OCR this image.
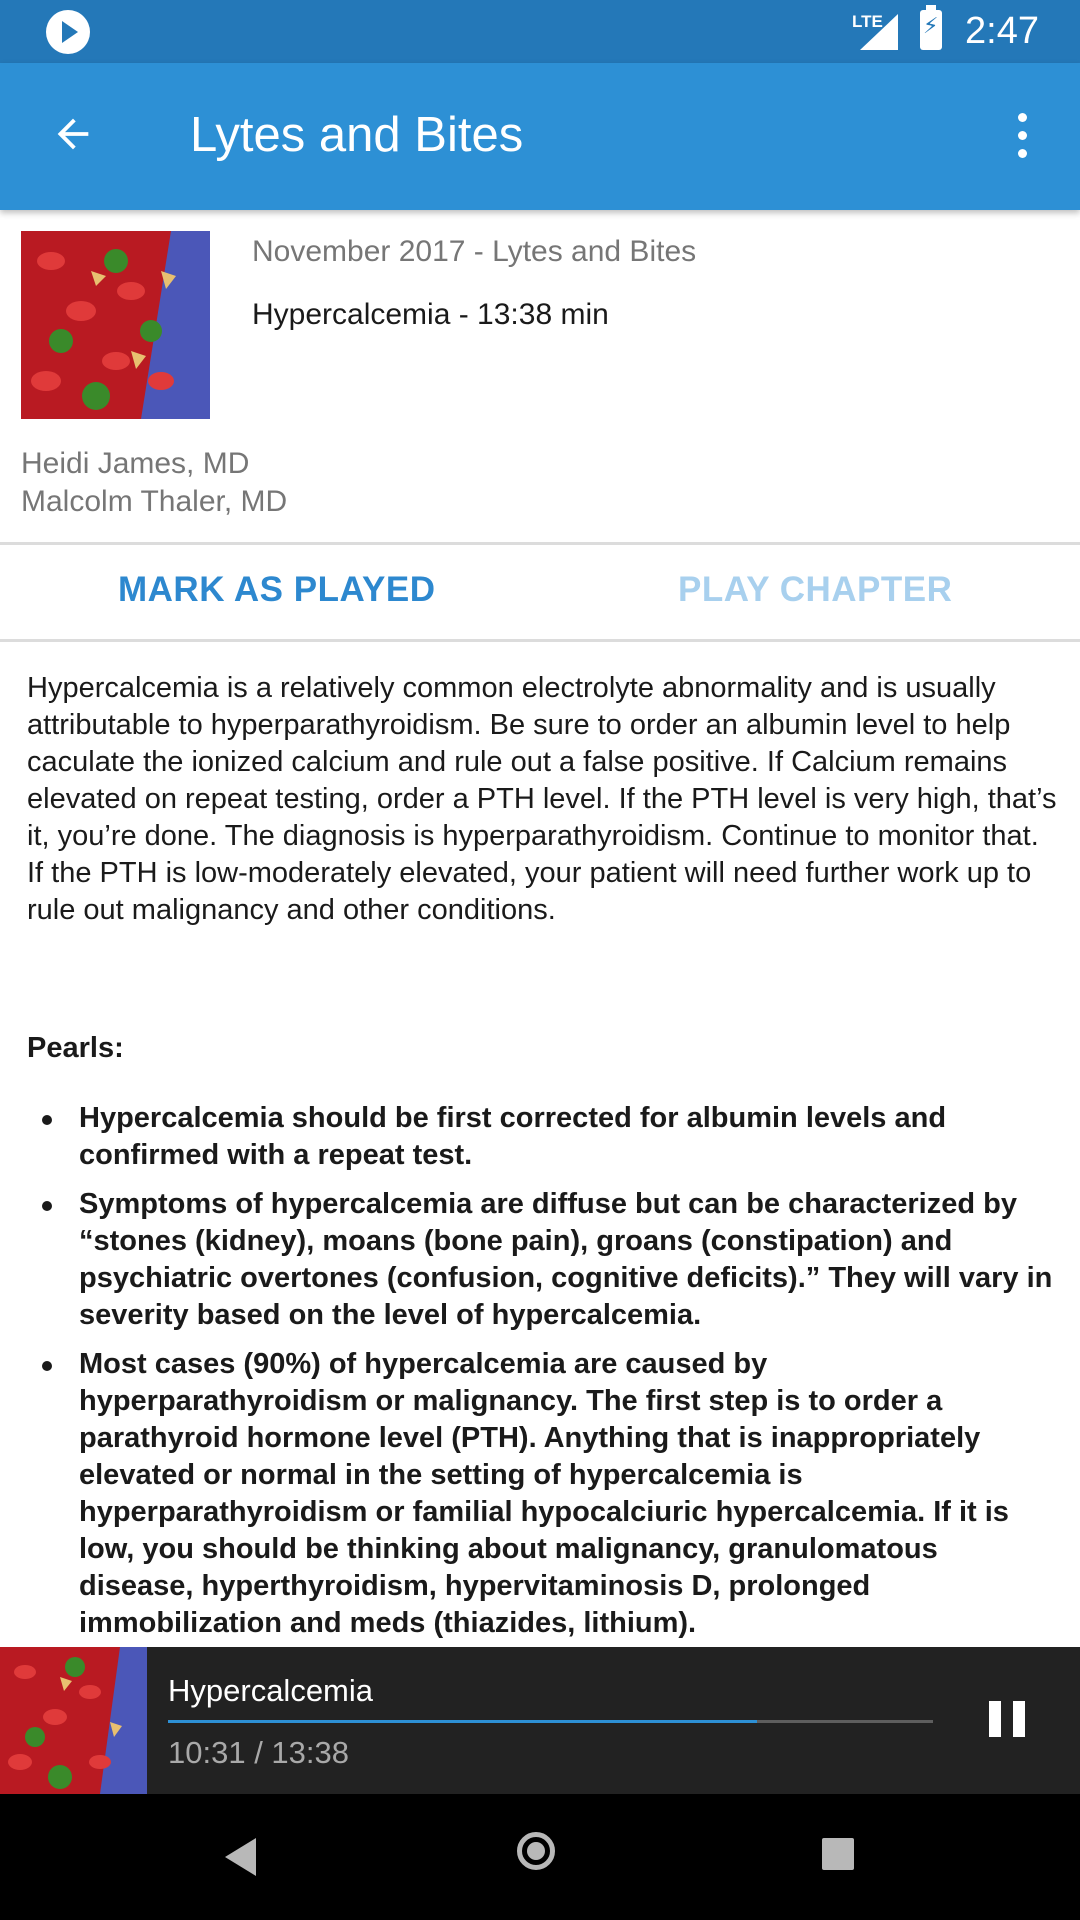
LTE
⚡ 2:47
Lytes and Bites
November 2017 - Lytes and Bites
Hypercalcemia - 13:38 min
Heidi James, MD
Malcolm Thaler, MD
MARK AS PLAYED	PLAY CHAPTER
Hypercalcemia is a relatively common electrolyte abnormality and is usually attributable to hyperparathyroidism. Be sure to order an albumin level to help caculate the ionized calcium and rule out a false positive. If Calcium remains elevated on repeat testing, order a PTH level. If the PTH level is very high, that’s it, you’re done. The diagnosis is hyperparathyroidism. Continue to monitor that. If the PTH is low-moderately elevated, your patient will need further work up to rule out malignancy and other conditions.
Pearls:
Hypercalcemia should be first corrected for albumin levels and confirmed with a repeat test.
Symptoms of hypercalcemia are diffuse but can be characterized by “stones (kidney), moans (bone pain), groans (constipation) and psychiatric overtones (confusion, cognitive deficits).” They will vary in severity based on the level of hypercalcemia.
Most cases (90%) of hypercalcemia are caused by hyperparathyroidism or malignancy. The first step is to order a parathyroid hormone level (PTH). Anything that is inappropriately elevated or normal in the setting of hypercalcemia is hyperparathyroidism or familial hypocalciuric hypercalcemia. If it is low, you should be thinking about malignancy, granulomatous disease, hyperthyroidism, hypervitaminosis D, prolonged immobilization and meds (thiazides, lithium).
Hypercalcemia
10:31 / 13:38
